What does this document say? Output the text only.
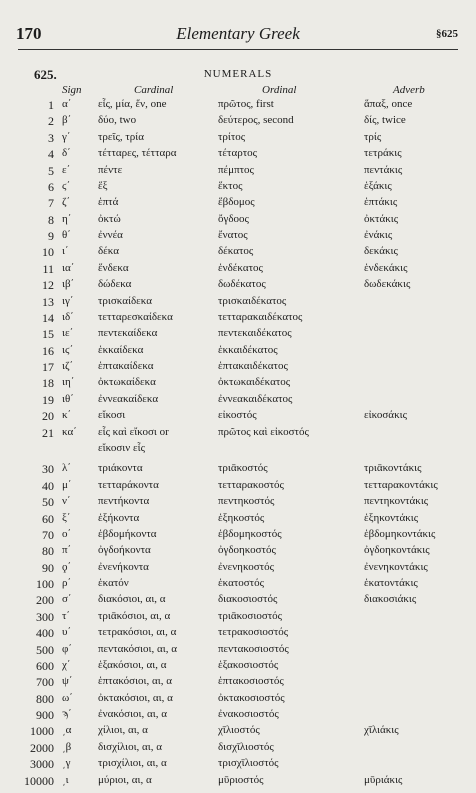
170	Elementary Greek	§625
625.	NUMERALS
Sign	Cardinal	Ordinal	Adverb
1 α΄ εἷς, μία, ἕν, one	πρῶτος, first	ἅπαξ, once
2 β΄ δύο, two	δεύτερος, second	δίς, twice
3 γ΄ τρεῖς, τρία	τρίτος	τρίς
4 δ΄ τέτταρες, τέτταρα	τέταρτος	τετράκις
5 ε΄	πέντε	πέμπτος	πεντάκις
6 ϛ΄	ἕξ	ἕκτος	ἑξάκις
7 ζ΄	ἑπτά	ἕβδομος	ἑπτάκις
8 η΄ ὀκτώ	ὄγδοος	ὀκτάκις
9 θ΄ ἐννέα	ἔνατος	ἐνάκις
10 ι΄	δέκα	δέκατος	δεκάκις
11 ια΄ ἕνδεκα	ἑνδέκατος	ἑνδεκάκις
12 ιβ΄ δώδεκα	δωδέκατος	δωδεκάκις
13 ιγ΄ τρισκαίδεκα	τρισκαιδέκατος
14 ιδ΄ τετταρεσκαίδεκα	τετταρακαιδέκατος
15 ιε΄ πεντεκαίδεκα	πεντεκαιδέκατος
16 ιϛ΄ ἑκκαίδεκα	ἑκκαιδέκατος
17 ιζ΄ ἑπτακαίδεκα	ἑπτακαιδέκατος
18 ιη΄ ὀκτωκαίδεκα	ὀκτωκαιδέκατος
19 ιθ΄ ἐννεακαίδεκα	ἐννεακαιδέκατος
20 κ΄ εἴκοσι	εἰκοστός	εἰκοσάκις
21 κα΄ εἷς καὶ εἴκοσι or	πρῶτος καὶ εἰκοστός
εἴκοσιν εἷς
30 λ΄ τριάκοντα	τριᾱκοστός	τριᾱκοντάκις
40 μ΄ τετταράκοντα	τετταρακοστός	τετταρακοντάκις
50 ν΄ πεντήκοντα	πεντηκοστός	πεντηκοντάκις
60 ξ΄ ἑξήκοντα	ἑξηκοστός	ἑξηκοντάκις
70 ο΄ ἑβδομήκοντα	ἑβδομηκοστός	ἑβδομηκοντάκις
80 π΄ ὀγδοήκοντα	ὀγδοηκοστός	ὀγδοηκοντάκις
90 ϙ΄ ἐνενήκοντα	ἐνενηκοστός	ἐνενηκοντάκις
100 ρ΄ ἑκατόν	ἑκατοστός	ἑκατοντάκις
200 σ΄ διακόσιοι, αι, α	διακοσιοστός	διακοσιάκις
300 τ΄	τριᾱκόσιοι, αι, α	τριᾱκοσιοστός
400 υ΄ τετρακόσιοι, αι, α	τετρακοσιοστός
500 φ΄ πεντακόσιοι, αι, α	πεντακοσιοστός
600 χ΄ ἑξακόσιοι, αι, α	ἑξακοσιοστός
700 ψ΄ ἑπτακόσιοι, αι, α	ἑπτακοσιοστός
800 ω΄ ὀκτακόσιοι, αι, α	ὀκτακοσιοστός
900 ϡ΄ ἐνακόσιοι, αι, α	ἐνακοσιοστός
1000 ͵α χίλιοι, αι, α	χῑλιοστός	χῑλιάκις
2000 ͵β δισχίλιοι, αι, α	δισχῑλιοστός
3000 ͵γ τρισχίλιοι, αι, α	τρισχῑλιοστός
10000 ͵ι	μύριοι, αι, α	μῡριοστός	μῡριάκις
